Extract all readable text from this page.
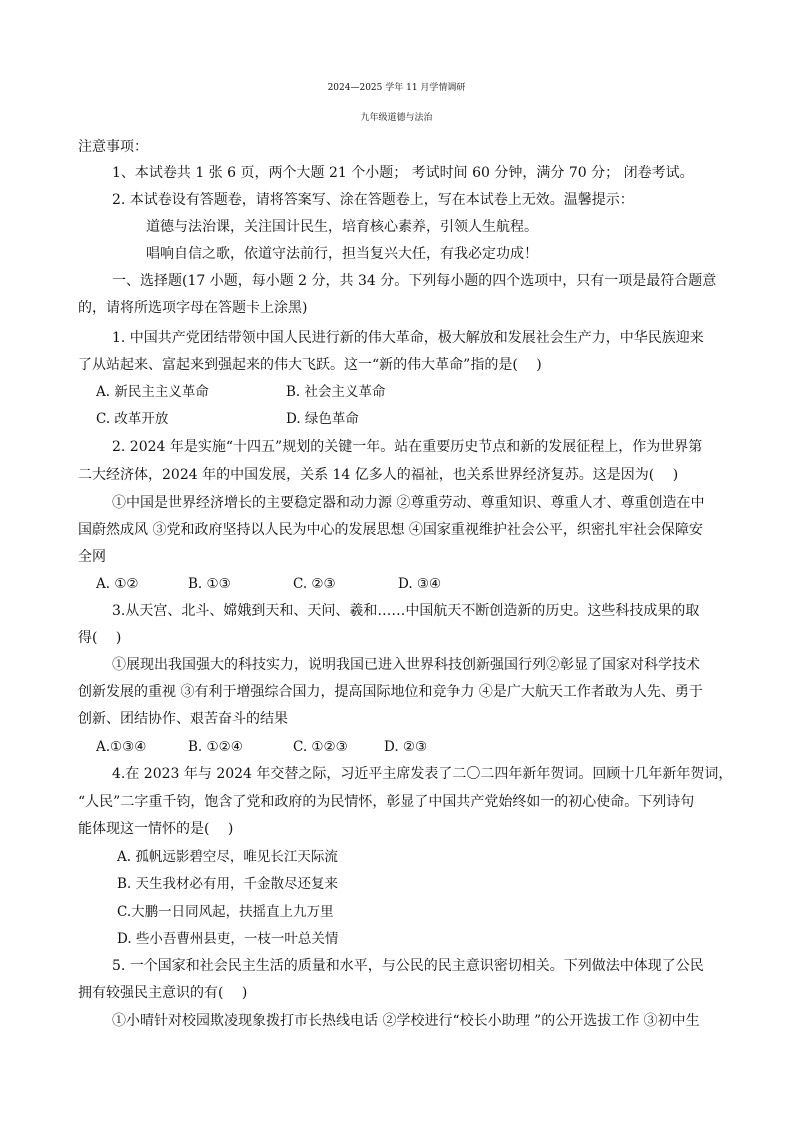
2024—2025 学年 11 月学情调研
九年级道德与法治
注意事项：
1、本试卷共 1 张 6 页，两个大题 21 个小题； 考试时间 60 分钟，满分 70 分； 闭卷考试。
2. 本试卷设有答题卷，请将答案写、涂在答题卷上，写在本试卷上无效。温馨提示：
道德与法治课，关注国计民生，培育核心素养，引领人生航程。
唱响自信之歌，依道守法前行，担当复兴大任，有我必定功成！
一、选择题(17 小题，每小题 2 分，共 34 分。下列每小题的四个选项中，只有一项是最符合题意
的，请将所选项字母在答题卡上涂黑)
1. 中国共产党团结带领中国人民进行新的伟大革命，极大解放和发展社会生产力，中华民族迎来
了从站起来、富起来到强起来的伟大飞跃。这一“新的伟大革命”指的是(　 )
A. 新民主主义革命	B. 社会主义革命
C. 改革开放	D. 绿色革命
2. 2024 年是实施“十四五”规划的关键一年。站在重要历史节点和新的发展征程上，作为世界第
二大经济体，2024 年的中国发展，关系 14 亿多人的福祉，也关系世界经济复苏。这是因为(　 )
①中国是世界经济增长的主要稳定器和动力源 ②尊重劳动、尊重知识、尊重人才、尊重创造在中
国蔚然成风 ③党和政府坚持以人民为中心的发展思想 ④国家重视维护社会公平，织密扎牢社会保障安
全网
A. ①②	B. ①③	C. ②③	D. ③④
3.从天宫、北斗、嫦娥到天和、天问、羲和……中国航天不断创造新的历史。这些科技成果的取
得(　 )
①展现出我国强大的科技实力，说明我国已进入世界科技创新强国行列②彰显了国家对科学技术
创新发展的重视 ③有利于增强综合国力，提高国际地位和竞争力 ④是广大航天工作者敢为人先、勇于
创新、团结协作、艰苦奋斗的结果
A.①③④	B. ①②④	C. ①②③	D. ②③
4.在 2023 年与 2024 年交替之际，习近平主席发表了二〇二四年新年贺词。回顾十几年新年贺词，
“人民”二字重千钧，饱含了党和政府的为民情怀，彰显了中国共产党始终如一的初心使命。下列诗句
能体现这一情怀的是(　 )
A. 孤帆远影碧空尽，唯见长江天际流
B. 天生我材必有用，千金散尽还复来
C.大鹏一日同风起，扶摇直上九万里
D. 些小吾曹州县吏，一枝一叶总关情
5. 一个国家和社会民主生活的质量和水平，与公民的民主意识密切相关。下列做法中体现了公民
拥有较强民主意识的有(　 )
①小晴针对校园欺凌现象拨打市长热线电话 ②学校进行“校长小助理 ”的公开选拔工作 ③初中生
